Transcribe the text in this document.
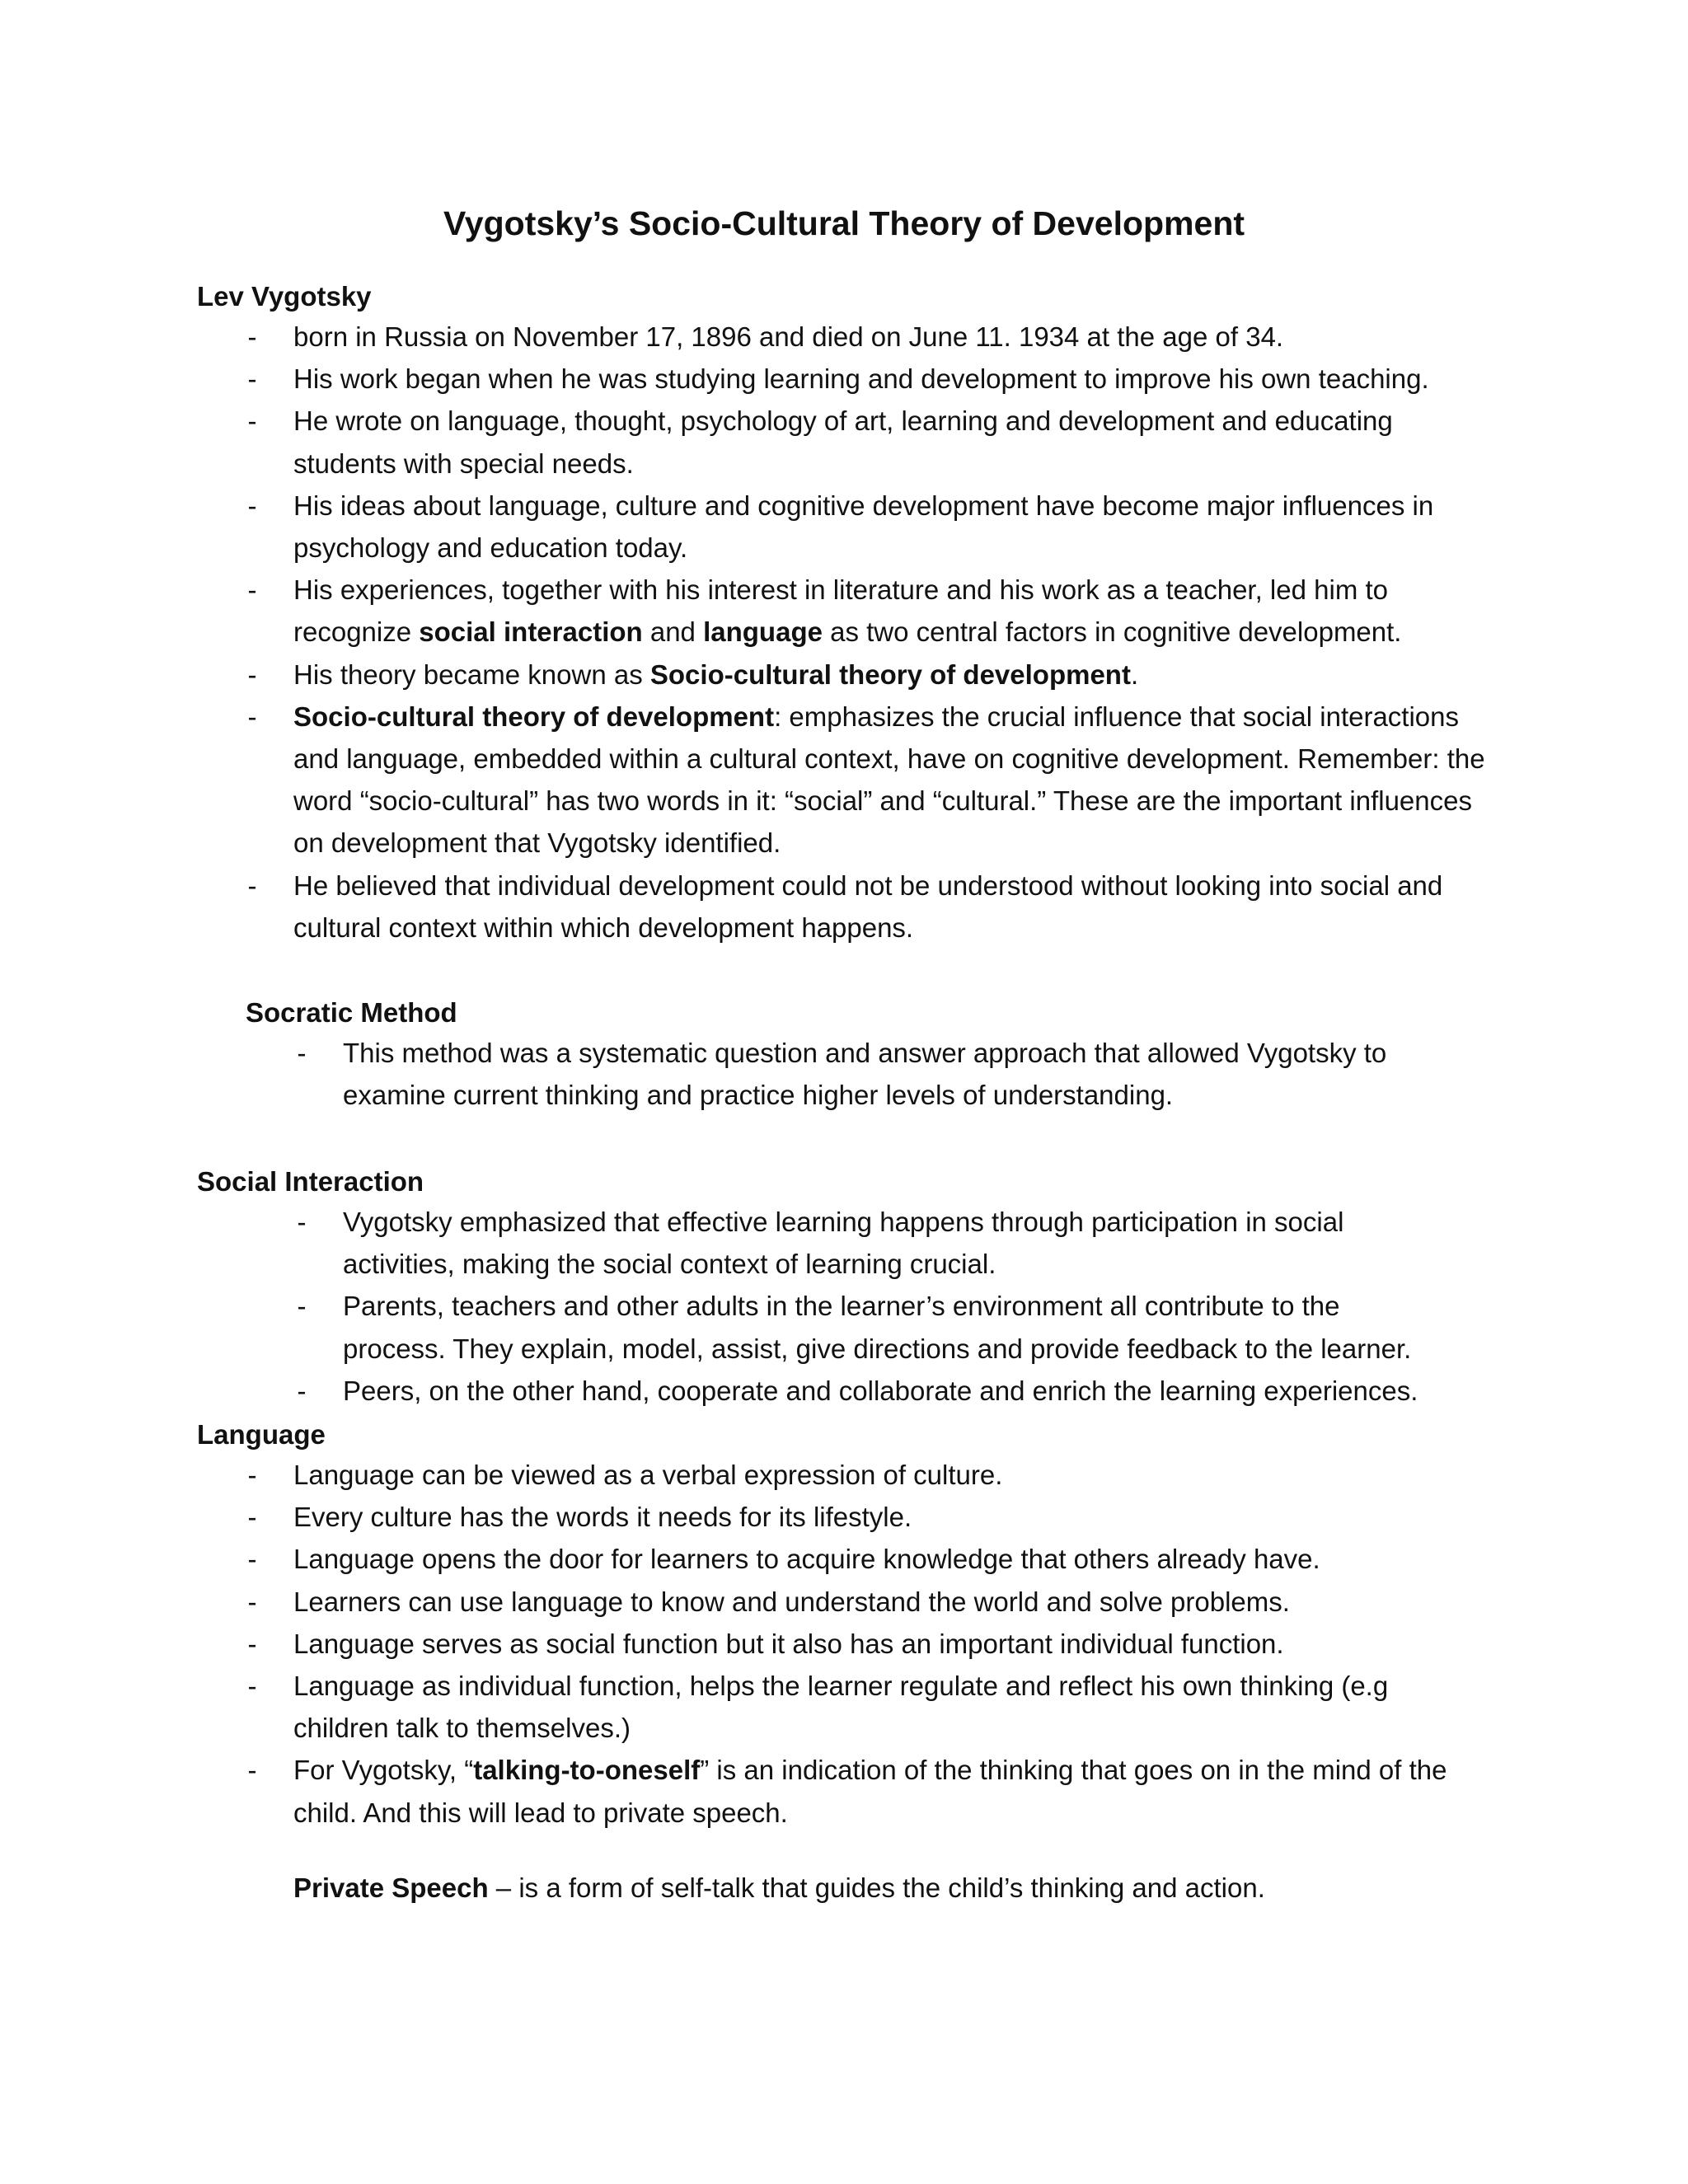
Vygotsky’s Socio-Cultural Theory of Development
Lev Vygotsky
- born in Russia on November 17, 1896 and died on June 11. 1934 at the age of 34.
- His work began when he was studying learning and development to improve his own teaching.
- He wrote on language, thought, psychology of art, learning and development and educating students with special needs.
- His ideas about language, culture and cognitive development have become major influences in psychology and education today.
- His experiences, together with his interest in literature and his work as a teacher, led him to recognize social interaction and language as two central factors in cognitive development.
- His theory became known as Socio-cultural theory of development.
- Socio-cultural theory of development: emphasizes the crucial influence that social interactions and language, embedded within a cultural context, have on cognitive development. Remember: the word “socio-cultural” has two words in it: “social” and “cultural.” These are the important influences on development that Vygotsky identified.
- He believed that individual development could not be understood without looking into social and cultural context within which development happens.
Socratic Method
- This method was a systematic question and answer approach that allowed Vygotsky to examine current thinking and practice higher levels of understanding.
Social Interaction
- Vygotsky emphasized that effective learning happens through participation in social activities, making the social context of learning crucial.
- Parents, teachers and other adults in the learner’s environment all contribute to the process. They explain, model, assist, give directions and provide feedback to the learner.
- Peers, on the other hand, cooperate and collaborate and enrich the learning experiences.
Language
- Language can be viewed as a verbal expression of culture.
- Every culture has the words it needs for its lifestyle.
- Language opens the door for learners to acquire knowledge that others already have.
- Learners can use language to know and understand the world and solve problems.
- Language serves as social function but it also has an important individual function.
- Language as individual function, helps the learner regulate and reflect his own thinking (e.g children talk to themselves.)
- For Vygotsky, “talking-to-oneself” is an indication of the thinking that goes on in the mind of the child. And this will lead to private speech.

Private Speech – is a form of self-talk that guides the child’s thinking and action.
